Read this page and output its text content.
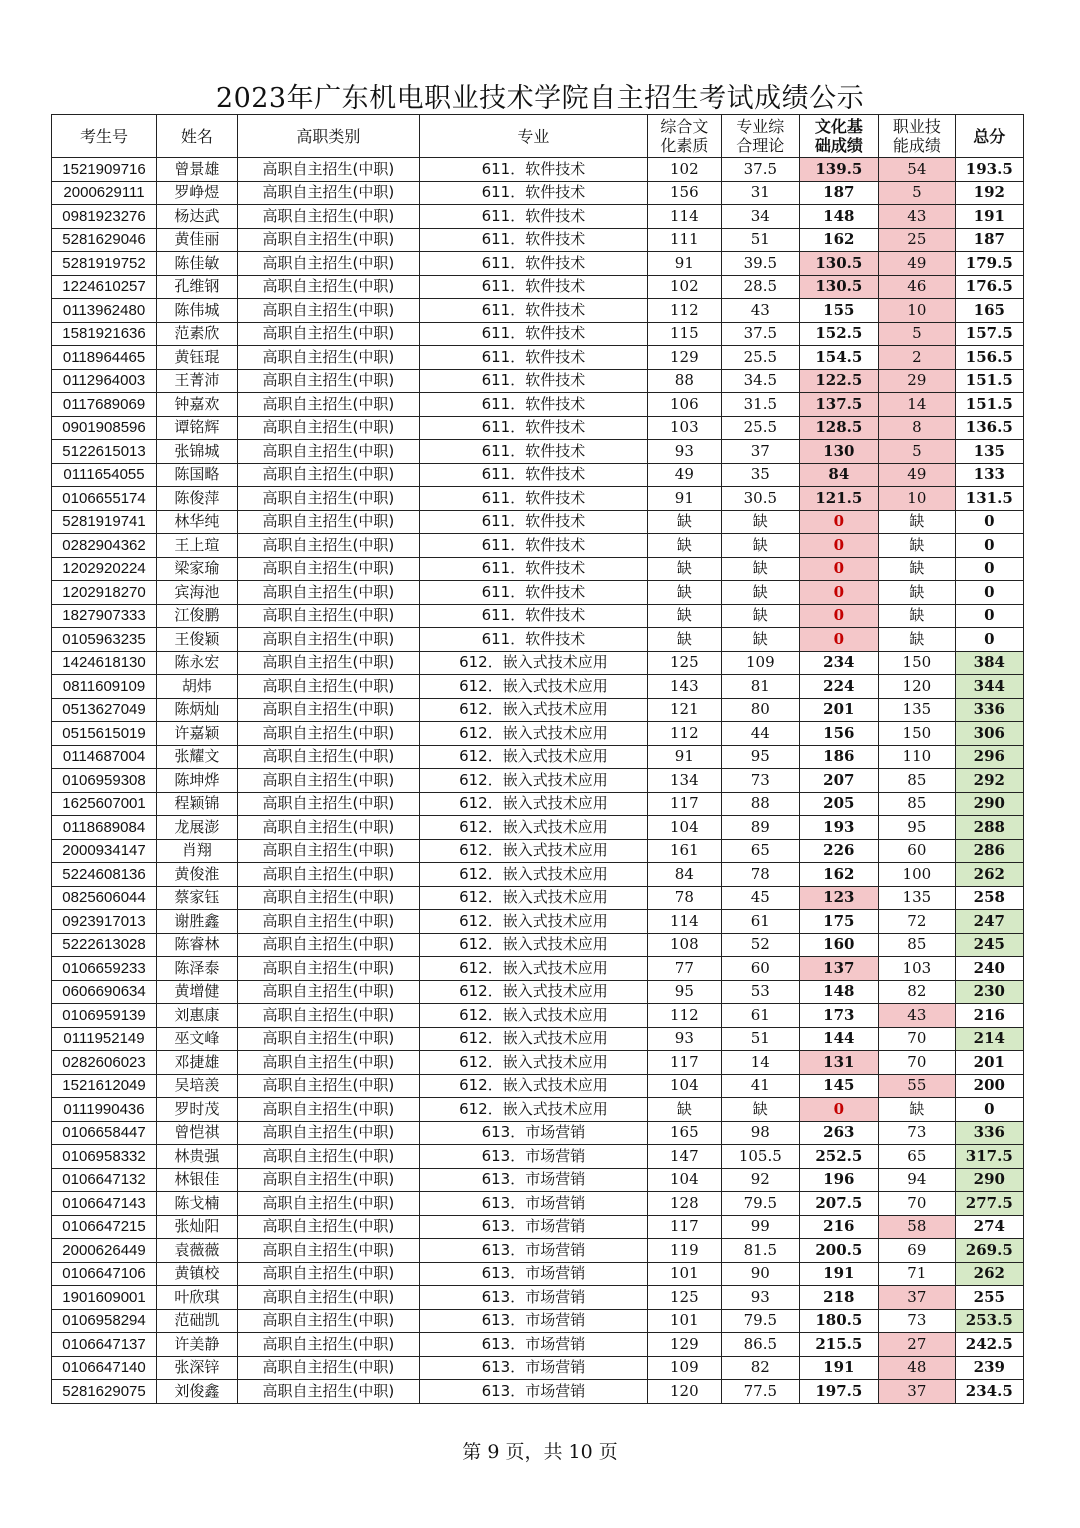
2023年广东机电职业技术学院自主招生考试成绩公示
考生号	姓名	高职类别	专业	综合文化素质	专业综合理论	文化基础成绩	职业技能成绩	总分
1521909716	曾景雄	高职自主招生(中职)	611．软件技术	102	37.5	139.5	54	193.5
2000629111	罗峥煜	高职自主招生(中职)	611．软件技术	156	31	187	5	192
0981923276	杨达武	高职自主招生(中职)	611．软件技术	114	34	148	43	191
5281629046	黄佳丽	高职自主招生(中职)	611．软件技术	111	51	162	25	187
5281919752	陈佳敏	高职自主招生(中职)	611．软件技术	91	39.5	130.5	49	179.5
1224610257	孔维钢	高职自主招生(中职)	611．软件技术	102	28.5	130.5	46	176.5
0113962480	陈伟城	高职自主招生(中职)	611．软件技术	112	43	155	10	165
1581921636	范素欣	高职自主招生(中职)	611．软件技术	115	37.5	152.5	5	157.5
0118964465	黄钰琨	高职自主招生(中职)	611．软件技术	129	25.5	154.5	2	156.5
0112964003	王菁沛	高职自主招生(中职)	611．软件技术	88	34.5	122.5	29	151.5
0117689069	钟嘉欢	高职自主招生(中职)	611．软件技术	106	31.5	137.5	14	151.5
0901908596	谭铭辉	高职自主招生(中职)	611．软件技术	103	25.5	128.5	8	136.5
5122615013	张锦城	高职自主招生(中职)	611．软件技术	93	37	130	5	135
0111654055	陈国略	高职自主招生(中职)	611．软件技术	49	35	84	49	133
0106655174	陈俊萍	高职自主招生(中职)	611．软件技术	91	30.5	121.5	10	131.5
5281919741	林华纯	高职自主招生(中职)	611．软件技术	缺	缺	0	缺	0
0282904362	王上瑄	高职自主招生(中职)	611．软件技术	缺	缺	0	缺	0
1202920224	梁家瑜	高职自主招生(中职)	611．软件技术	缺	缺	0	缺	0
1202918270	宾海池	高职自主招生(中职)	611．软件技术	缺	缺	0	缺	0
1827907333	江俊鹏	高职自主招生(中职)	611．软件技术	缺	缺	0	缺	0
0105963235	王俊颖	高职自主招生(中职)	611．软件技术	缺	缺	0	缺	0
1424618130	陈永宏	高职自主招生(中职)	612．嵌入式技术应用	125	109	234	150	384
0811609109	胡炜	高职自主招生(中职)	612．嵌入式技术应用	143	81	224	120	344
0513627049	陈炳灿	高职自主招生(中职)	612．嵌入式技术应用	121	80	201	135	336
0515615019	许嘉颖	高职自主招生(中职)	612．嵌入式技术应用	112	44	156	150	306
0114687004	张耀文	高职自主招生(中职)	612．嵌入式技术应用	91	95	186	110	296
0106959308	陈坤烨	高职自主招生(中职)	612．嵌入式技术应用	134	73	207	85	292
1625607001	程颖锦	高职自主招生(中职)	612．嵌入式技术应用	117	88	205	85	290
0118689084	龙展澎	高职自主招生(中职)	612．嵌入式技术应用	104	89	193	95	288
2000934147	肖翔	高职自主招生(中职)	612．嵌入式技术应用	161	65	226	60	286
5224608136	黄俊淮	高职自主招生(中职)	612．嵌入式技术应用	84	78	162	100	262
0825606044	蔡家钰	高职自主招生(中职)	612．嵌入式技术应用	78	45	123	135	258
0923917013	谢胜鑫	高职自主招生(中职)	612．嵌入式技术应用	114	61	175	72	247
5222613028	陈睿林	高职自主招生(中职)	612．嵌入式技术应用	108	52	160	85	245
0106659233	陈泽泰	高职自主招生(中职)	612．嵌入式技术应用	77	60	137	103	240
0606690634	黄增健	高职自主招生(中职)	612．嵌入式技术应用	95	53	148	82	230
0106959139	刘惠康	高职自主招生(中职)	612．嵌入式技术应用	112	61	173	43	216
0111952149	巫文峰	高职自主招生(中职)	612．嵌入式技术应用	93	51	144	70	214
0282606023	邓捷雄	高职自主招生(中职)	612．嵌入式技术应用	117	14	131	70	201
1521612049	吴培羡	高职自主招生(中职)	612．嵌入式技术应用	104	41	145	55	200
0111990436	罗时茂	高职自主招生(中职)	612．嵌入式技术应用	缺	缺	0	缺	0
0106658447	曾恺祺	高职自主招生(中职)	613．市场营销	165	98	263	73	336
0106958332	林贵强	高职自主招生(中职)	613．市场营销	147	105.5	252.5	65	317.5
0106647132	林银佳	高职自主招生(中职)	613．市场营销	104	92	196	94	290
0106647143	陈戈楠	高职自主招生(中职)	613．市场营销	128	79.5	207.5	70	277.5
0106647215	张灿阳	高职自主招生(中职)	613．市场营销	117	99	216	58	274
2000626449	袁薇薇	高职自主招生(中职)	613．市场营销	119	81.5	200.5	69	269.5
0106647106	黄镇校	高职自主招生(中职)	613．市场营销	101	90	191	71	262
1901609001	叶欣琪	高职自主招生(中职)	613．市场营销	125	93	218	37	255
0106958294	范础凯	高职自主招生(中职)	613．市场营销	101	79.5	180.5	73	253.5
0106647137	许美静	高职自主招生(中职)	613．市场营销	129	86.5	215.5	27	242.5
0106647140	张深锌	高职自主招生(中职)	613．市场营销	109	82	191	48	239
5281629075	刘俊鑫	高职自主招生(中职)	613．市场营销	120	77.5	197.5	37	234.5
第 9 页，共 10 页
